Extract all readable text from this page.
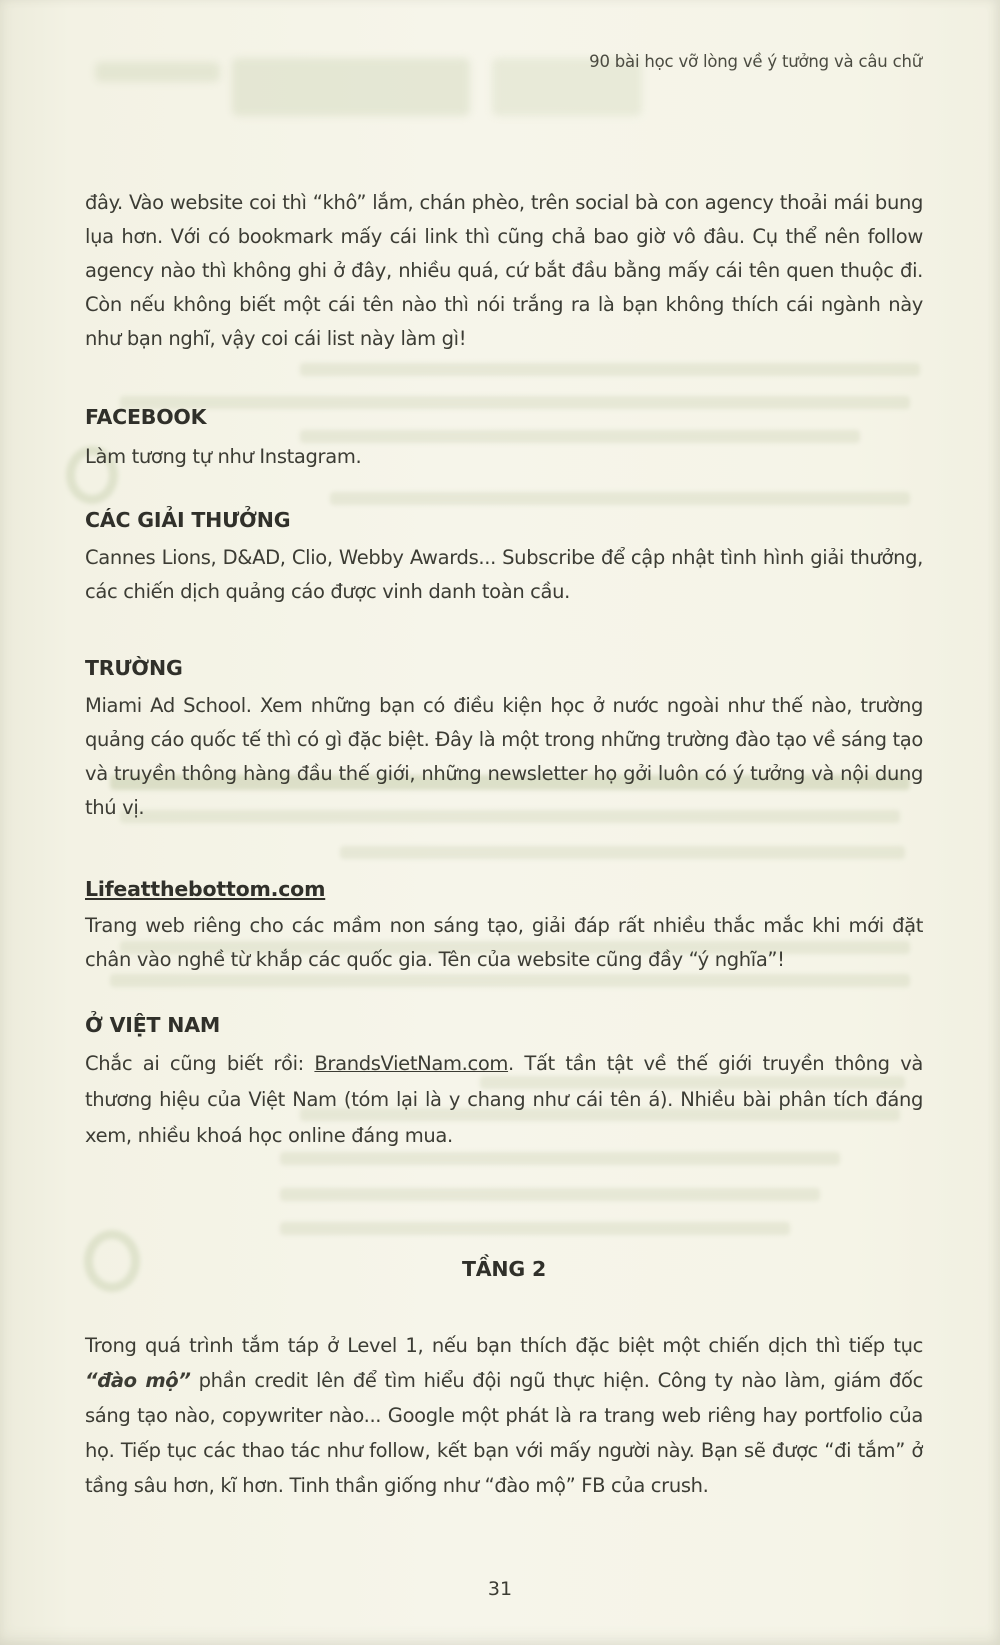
90 bài học vỡ lòng về ý tưởng và câu chữ

đây. Vào website coi thì “khô” lắm, chán phèo, trên social bà con agency thoải mái bung lụa hơn. Với có bookmark mấy cái link thì cũng chả bao giờ vô đâu. Cụ thể nên follow agency nào thì không ghi ở đây, nhiều quá, cứ bắt đầu bằng mấy cái tên quen thuộc đi. Còn nếu không biết một cái tên nào thì nói trắng ra là bạn không thích cái ngành này như bạn nghĩ, vậy coi cái list này làm gì!

FACEBOOK

Làm tương tự như Instagram.

CÁC GIẢI THƯỞNG

Cannes Lions, D&AD, Clio, Webby Awards... Subscribe để cập nhật tình hình giải thưởng, các chiến dịch quảng cáo được vinh danh toàn cầu.

TRƯỜNG

Miami Ad School. Xem những bạn có điều kiện học ở nước ngoài như thế nào, trường quảng cáo quốc tế thì có gì đặc biệt. Đây là một trong những trường đào tạo về sáng tạo và truyền thông hàng đầu thế giới, những newsletter họ gởi luôn có ý tưởng và nội dung thú vị.

Lifeatthebottom.com

Trang web riêng cho các mầm non sáng tạo, giải đáp rất nhiều thắc mắc khi mới đặt chân vào nghề từ khắp các quốc gia. Tên của website cũng đầy “ý nghĩa”!

Ở VIỆT NAM

Chắc ai cũng biết rồi: BrandsVietNam.com. Tất tần tật về thế giới truyền thông và thương hiệu của Việt Nam (tóm lại là y chang như cái tên á). Nhiều bài phân tích đáng xem, nhiều khoá học online đáng mua.

TẦNG 2

Trong quá trình tắm táp ở Level 1, nếu bạn thích đặc biệt một chiến dịch thì tiếp tục “đào mộ” phần credit lên để tìm hiểu đội ngũ thực hiện. Công ty nào làm, giám đốc sáng tạo nào, copywriter nào... Google một phát là ra trang web riêng hay portfolio của họ. Tiếp tục các thao tác như follow, kết bạn với mấy người này. Bạn sẽ được “đi tắm” ở tầng sâu hơn, kĩ hơn. Tinh thần giống như “đào mộ” FB của crush.

31
